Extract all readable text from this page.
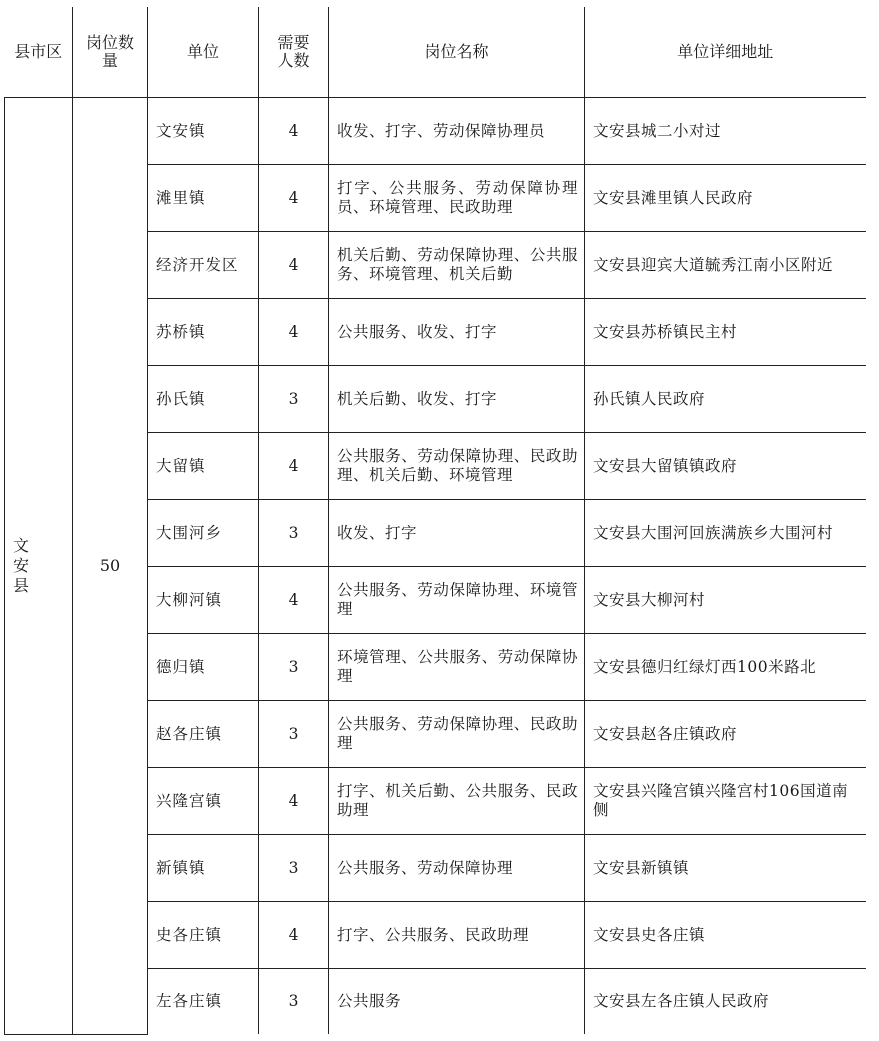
县市区	岗位数量	单位	需要人数	岗位名称	单位详细地址

文安县	50	文安镇	4	收发、打字、劳动保障协理员	文安县城二小对过
		滩里镇	4	打字、公共服务、劳动保障协理员、环境管理、民政助理	文安县滩里镇人民政府
		经济开发区	4	机关后勤、劳动保障协理、公共服务、环境管理、机关后勤	文安县迎宾大道毓秀江南小区附近
		苏桥镇	4	公共服务、收发、打字	文安县苏桥镇民主村
		孙氏镇	3	机关后勤、收发、打字	孙氏镇人民政府
		大留镇	4	公共服务、劳动保障协理、民政助理、机关后勤、环境管理	文安县大留镇镇政府
		大围河乡	3	收发、打字	文安县大围河回族满族乡大围河村
		大柳河镇	4	公共服务、劳动保障协理、环境管理	文安县大柳河村
		德归镇	3	环境管理、公共服务、劳动保障协理	文安县德归红绿灯西100米路北
		赵各庄镇	3	公共服务、劳动保障协理、民政助理	文安县赵各庄镇政府
		兴隆宫镇	4	打字、机关后勤、公共服务、民政助理	文安县兴隆宫镇兴隆宫村106国道南侧
		新镇镇	3	公共服务、劳动保障协理	文安县新镇镇
		史各庄镇	4	打字、公共服务、民政助理	文安县史各庄镇
		左各庄镇	3	公共服务	文安县左各庄镇人民政府
